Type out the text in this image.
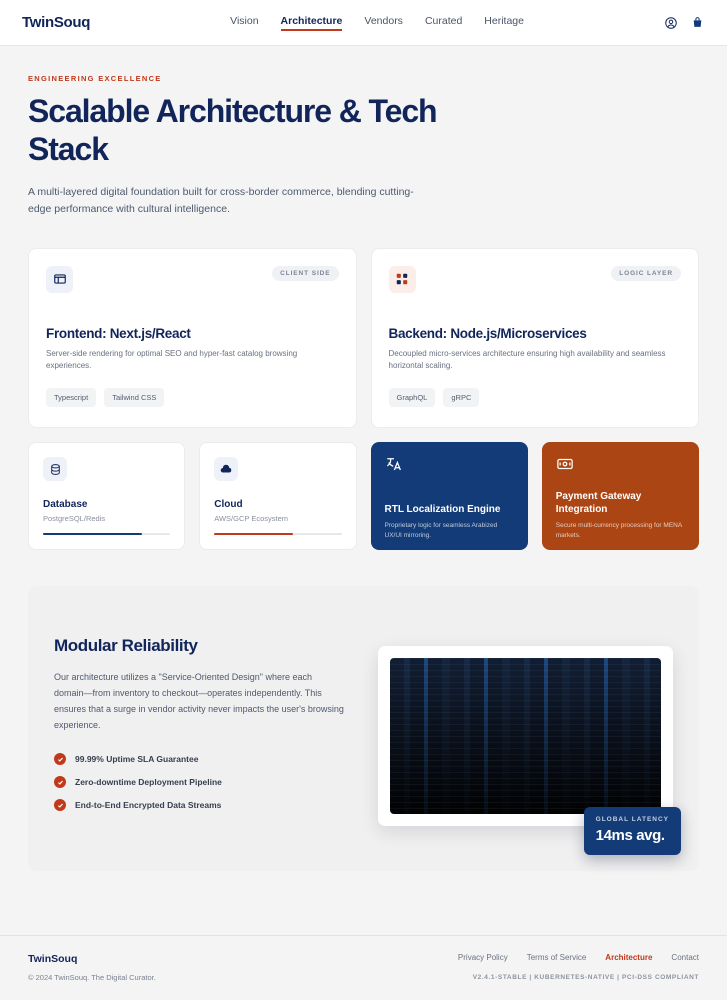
TwinSouq	Vision Architecture Vendors Curated Heritage
ENGINEERING EXCELLENCE
Scalable Architecture & Tech Stack
A multi-layered digital foundation built for cross-border commerce, blending cutting-edge performance with cultural intelligence.
CLIENT SIDE
Frontend: Next.js/React
Server-side rendering for optimal SEO and hyper-fast catalog browsing experiences.
Typescript	Tailwind CSS
LOGIC LAYER
Backend: Node.js/Microservices
Decoupled micro-services architecture ensuring high availability and seamless horizontal scaling.
GraphQL	gRPC
Database
PostgreSQL/Redis
Cloud
AWS/GCP Ecosystem
RTL Localization Engine
Proprietary logic for seamless Arabized UX/UI mirroring.
Payment Gateway Integration
Secure multi-currency processing for MENA markets.
Modular Reliability
Our architecture utilizes a "Service-Oriented Design" where each domain—from inventory to checkout—operates independently. This ensures that a surge in vendor activity never impacts the user's browsing experience.
99.99% Uptime SLA Guarantee
Zero-downtime Deployment Pipeline
End-to-End Encrypted Data Streams
GLOBAL LATENCY
14ms avg.
TwinSouq
© 2024 TwinSouq. The Digital Curator.
Privacy Policy Terms of Service Architecture Contact
V2.4.1-STABLE | KUBERNETES-NATIVE | PCI-DSS COMPLIANT
